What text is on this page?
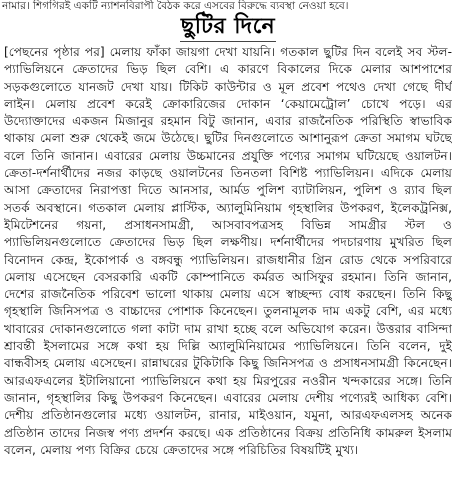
নামার। শিগগিরই একটি ন্যাশনবিরাপী বৈঠক করে এসবের বিরুদ্ধে ব্যবস্থা নেওয়া হবে।
ছুটির দিনে

[পেছনের পৃষ্ঠার পর] মেলায় ফাঁকা জায়গা দেখা যায়নি। গতকাল ছুটির দিন বলেই সব স্টল-প্যাভিলিয়নে ক্রেতাদের ভিড় ছিল বেশি। এ কারণে বিকালের দিকে মেলার আশপাশের সড়কগুলোতে যানজট দেখা যায়। টিকিট কাউন্টার ও মূল প্রবেশ পথেও দেখা গেছে দীর্ঘ লাইন। মেলায় প্রবেশ করেই ক্রোকারিজের দোকান ‘কেয়ামেট্রোল’ চোখে পড়ে। এর উদ্যোক্তাদের একজন মিজানুর রহমান বিটু জানান, এবার রাজনৈতিক পরিস্থিতি স্বাভাবিক থাকায় মেলা শুরু থেকেই জমে উঠেছে। ছুটির দিনগুলোতে আশানুরূপ ক্রেতা সমাগম ঘটছে বলে তিনি জানান। এবারের মেলায় উচ্চমানের প্রযুক্তি পণ্যের সমাগম ঘটিয়েছে ওয়ালটন। ক্রেতা-দর্শনার্থীদের নজর কাড়ছে ওয়ালটনের তিনতলা বিশিষ্ট প্যাভিলিয়ন। এদিকে মেলায় আসা ক্রেতাদের নিরাপত্তা দিতে আনসার, আর্মড পুলিশ ব্যাটালিয়ন, পুলিশ ও র‍্যাব ছিল সতর্ক অবস্থানে। গতকাল মেলায় প্লাস্টিক, অ্যালুমিনিয়াম গৃহস্থালির উপকরণ, ইলেকট্রনিক্স, ইমিটেশনের গয়না, প্রসাধনসামগ্রী, আসবাবপত্রসহ বিভিন্ন সামগ্রীর স্টল ও প্যাভিলিয়নগুলোতে ক্রেতাদের ভিড় ছিল লক্ষণীয়। দর্শনার্থীদের পদচারণায় মুখরিত ছিল বিনোদন কেন্দ্র, ইকোপার্ক ও বঙ্গবন্ধু প্যাভিলিয়ন। রাজধানীর গ্রিন রোড থেকে সপরিবারে মেলায় এসেছেন বেসরকারি একটি কোম্পানিতে কর্মরত আসিফুর রহমান। তিনি জানান, দেশের রাজনৈতিক পরিবেশ ভালো থাকায় মেলায় এসে স্বাচ্ছন্দ্য বোধ করছেন। তিনি কিছু গৃহস্থালি জিনিসপত্র ও বাচ্চাদের পোশাক কিনেছেন। তুলনামূলক দাম একটু বেশি, এর মধ্যে খাবারের দোকানগুলোতে গলা কাটা দাম রাখা হচ্ছে বলে অভিযোগ করেন। উত্তরার বাসিন্দা শ্রাবন্তী ইসলামের সঙ্গে কথা হয় দিল্লি অ্যালুমিনিয়ামের প্যাভিলিয়নে। তিনি বলেন, দুই বান্ধবীসহ মেলায় এসেছেন। রান্নাঘরের টুকিটাকি কিছু জিনিসপত্র ও প্রসাধনসামগ্রী কিনেছেন। আরএফএলের ইটালিয়ানো প্যাভিলিয়নে কথা হয় মিরপুরের নওরীন খন্দকারের সঙ্গে। তিনি জানান, গৃহস্থালির কিছু উপকরণ কিনেছেন। এবারের মেলায় দেশীয় পণ্যেরই আধিক্য বেশি। দেশীয় প্রতিষ্ঠানগুলোর মধ্যে ওয়ালটন, রানার, মাইওয়ান, যমুনা, আরএফএলসহ অনেক প্রতিষ্ঠান তাদের নিজস্ব পণ্য প্রদর্শন করছে। এক প্রতিষ্ঠানের বিক্রয় প্রতিনিধি কামরুল ইসলাম বলেন, মেলায় পণ্য বিক্রির চেয়ে ক্রেতাদের সঙ্গে পরিচিতির বিষয়টিই মুখ্য।
